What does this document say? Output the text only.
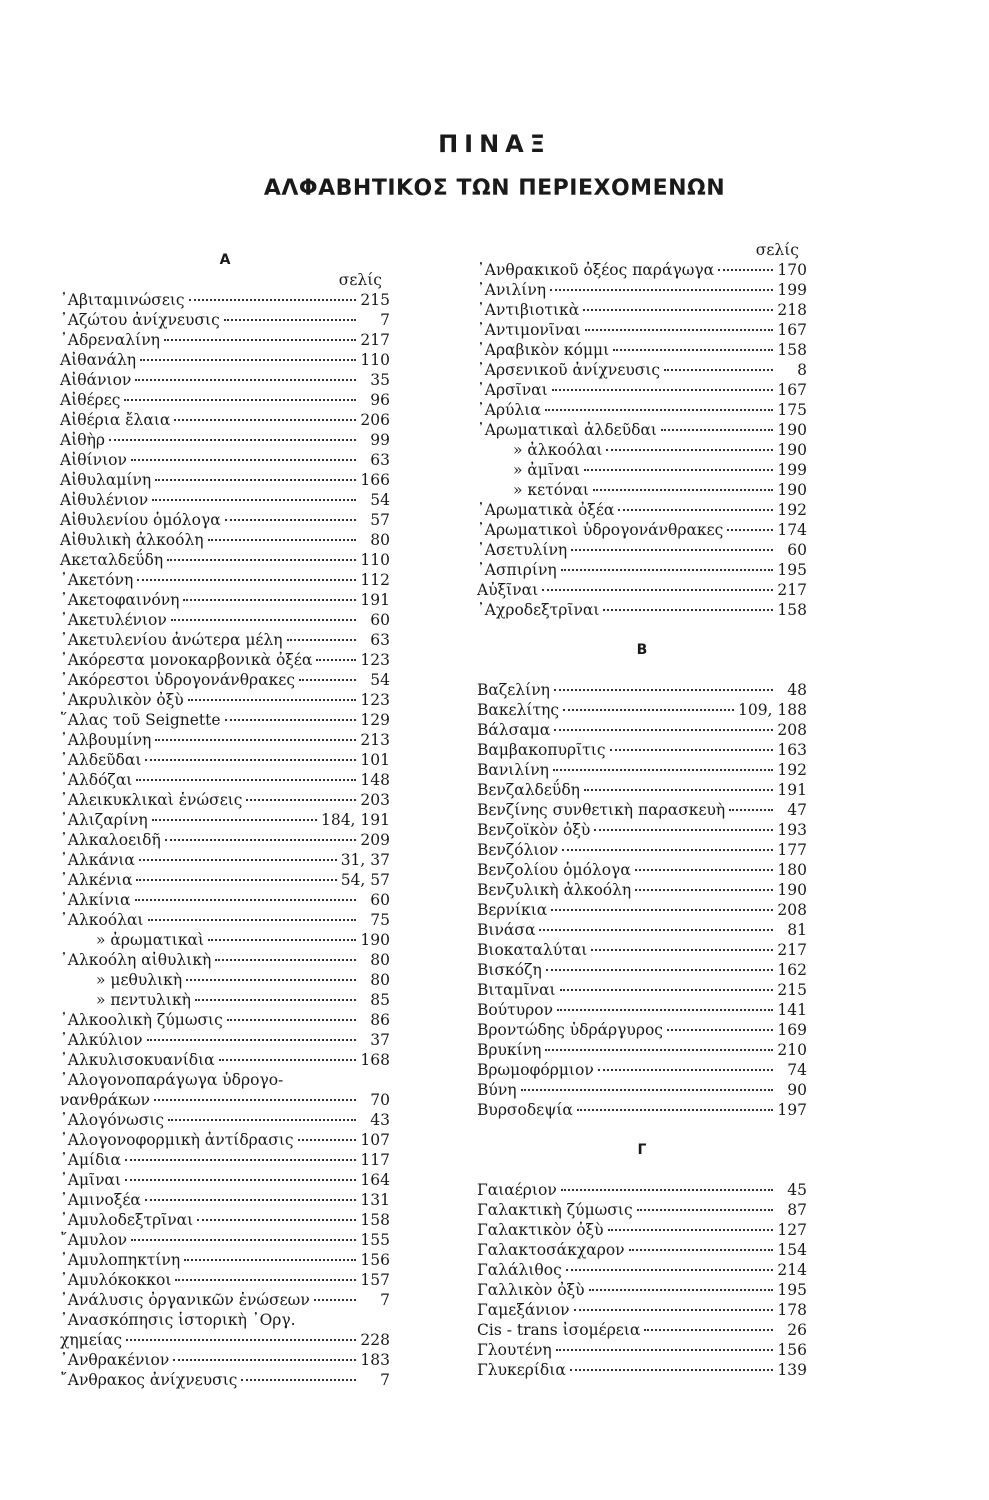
ΠΙΝΑΞ
ΑΛΦΑΒΗΤΙΚΟΣ ΤΩΝ ΠΕΡΙΕΧΟΜΕΝΩΝ
Α
σελίς
᾿Αβιταμινώσεις	215
᾿Αζώτου ἀνίχνευσις	7
᾿Αδρεναλίνη	217
Αἰθανάλη	110
Αἰθάνιον	35
Αἰθέρες	96
Αἰθέρια ἔλαια	206
Αἰθὴρ	99
Αἰθίνιον	63
Αἰθυλαμίνη	166
Αἰθυλένιον	54
Αἰθυλενίου ὁμόλογα	57
Αἰθυλικὴ ἀλκοόλη	80
Ακεταλδεΰδη	110
᾿Ακετόνη	112
᾿Ακετοφαινόνη	191
᾿Ακετυλένιον	60
᾿Ακετυλενίου ἀνώτερα μέλη	63
᾿Ακόρεστα μονοκαρβονικὰ ὀξέα	123
᾿Ακόρεστοι ὑδρογονάνθρακες	54
᾿Ακρυλικὸν ὀξὺ	123
῞Αλας τοῦ Seignette	129
᾿Αλβουμίνη	213
᾿Αλδεῦδαι	101
᾿Αλδόζαι	148
᾿Αλεικυκλικαὶ ἑνώσεις	203
᾿Αλιζαρίνη	184, 191
᾿Αλκαλοειδῆ	209
᾿Αλκάνια	31, 37
᾿Αλκένια	54, 57
᾿Αλκίνια	60
᾿Αλκοόλαι	75
» ἀρωματικαὶ	190
᾿Αλκοόλη αἰθυλικὴ	80
» μεθυλικὴ	80
» πεντυλικὴ	85
᾿Αλκοολικὴ ζύμωσις	86
᾿Αλκύλιον	37
᾿Αλκυλισοκυανίδια	168
᾿Αλογονοπαράγωγα ὑδρογο-
νανθράκων	70
᾿Αλογόνωσις	43
᾿Αλογονοφορμικὴ ἀντίδρασις	107
᾿Αμίδια	117
᾿Αμῖναι	164
᾿Αμινοξέα	131
᾿Αμυλοδεξτρῖναι	158
῎Αμυλον	155
᾿Αμυλοπηκτίνη	156
᾿Αμυλόκοκκοι	157
᾿Ανάλυσις ὀργανικῶν ἑνώσεων	7
᾿Ανασκόπησις ἱστορικὴ ᾿Οργ.
χημείας	228
᾿Ανθρακένιον	183
῎Ανθρακος ἀνίχνευσις	7
σελίς
᾿Ανθρακικοῦ ὀξέος παράγωγα	170
᾿Ανιλίνη	199
᾿Αντιβιοτικὰ	218
᾿Αντιμονῖναι	167
᾿Αραβικὸν κόμμι	158
᾿Αρσενικοῦ ἀνίχνευσις	8
᾿Αρσῖναι	167
᾿Αρύλια	175
᾿Αρωματικαὶ ἀλδεῦδαι	190
» ἀλκοόλαι	190
» ἀμῖναι	199
» κετόναι	190
᾿Αρωματικὰ ὀξέα	192
᾿Αρωματικοὶ ὑδρογονάνθρακες	174
᾿Ασετυλίνη	60
᾿Ασπιρίνη	195
Αὐξῖναι	217
᾿Αχροδεξτρῖναι	158
Β
Βαζελίνη	48
Βακελίτης	109, 188
Βάλσαμα	208
Βαμβακοπυρῖτις	163
Βανιλίνη	192
Βενζαλδεΰδη	191
Βενζίνης συνθετικὴ παρασκευὴ	47
Βενζοϊκὸν ὀξὺ	193
Βενζόλιον	177
Βενζολίου ὁμόλογα	180
Βενζυλικὴ ἀλκοόλη	190
Βερνίκια	208
Βινάσα	81
Βιοκαταλύται	217
Βισκόζη	162
Βιταμῖναι	215
Βούτυρον	141
Βροντώδης ὑδράργυρος	169
Βρυκίνη	210
Βρωμοφόρμιον	74
Βύνη	90
Βυρσοδεψία	197
Γ
Γαιαέριον	45
Γαλακτικὴ ζύμωσις	87
Γαλακτικὸν ὀξὺ	127
Γαλακτοσάκχαρον	154
Γαλάλιθος	214
Γαλλικὸν ὀξὺ	195
Γαμεξάνιον	178
Cis - trans ἰσομέρεια	26
Γλουτένη	156
Γλυκερίδια	139
